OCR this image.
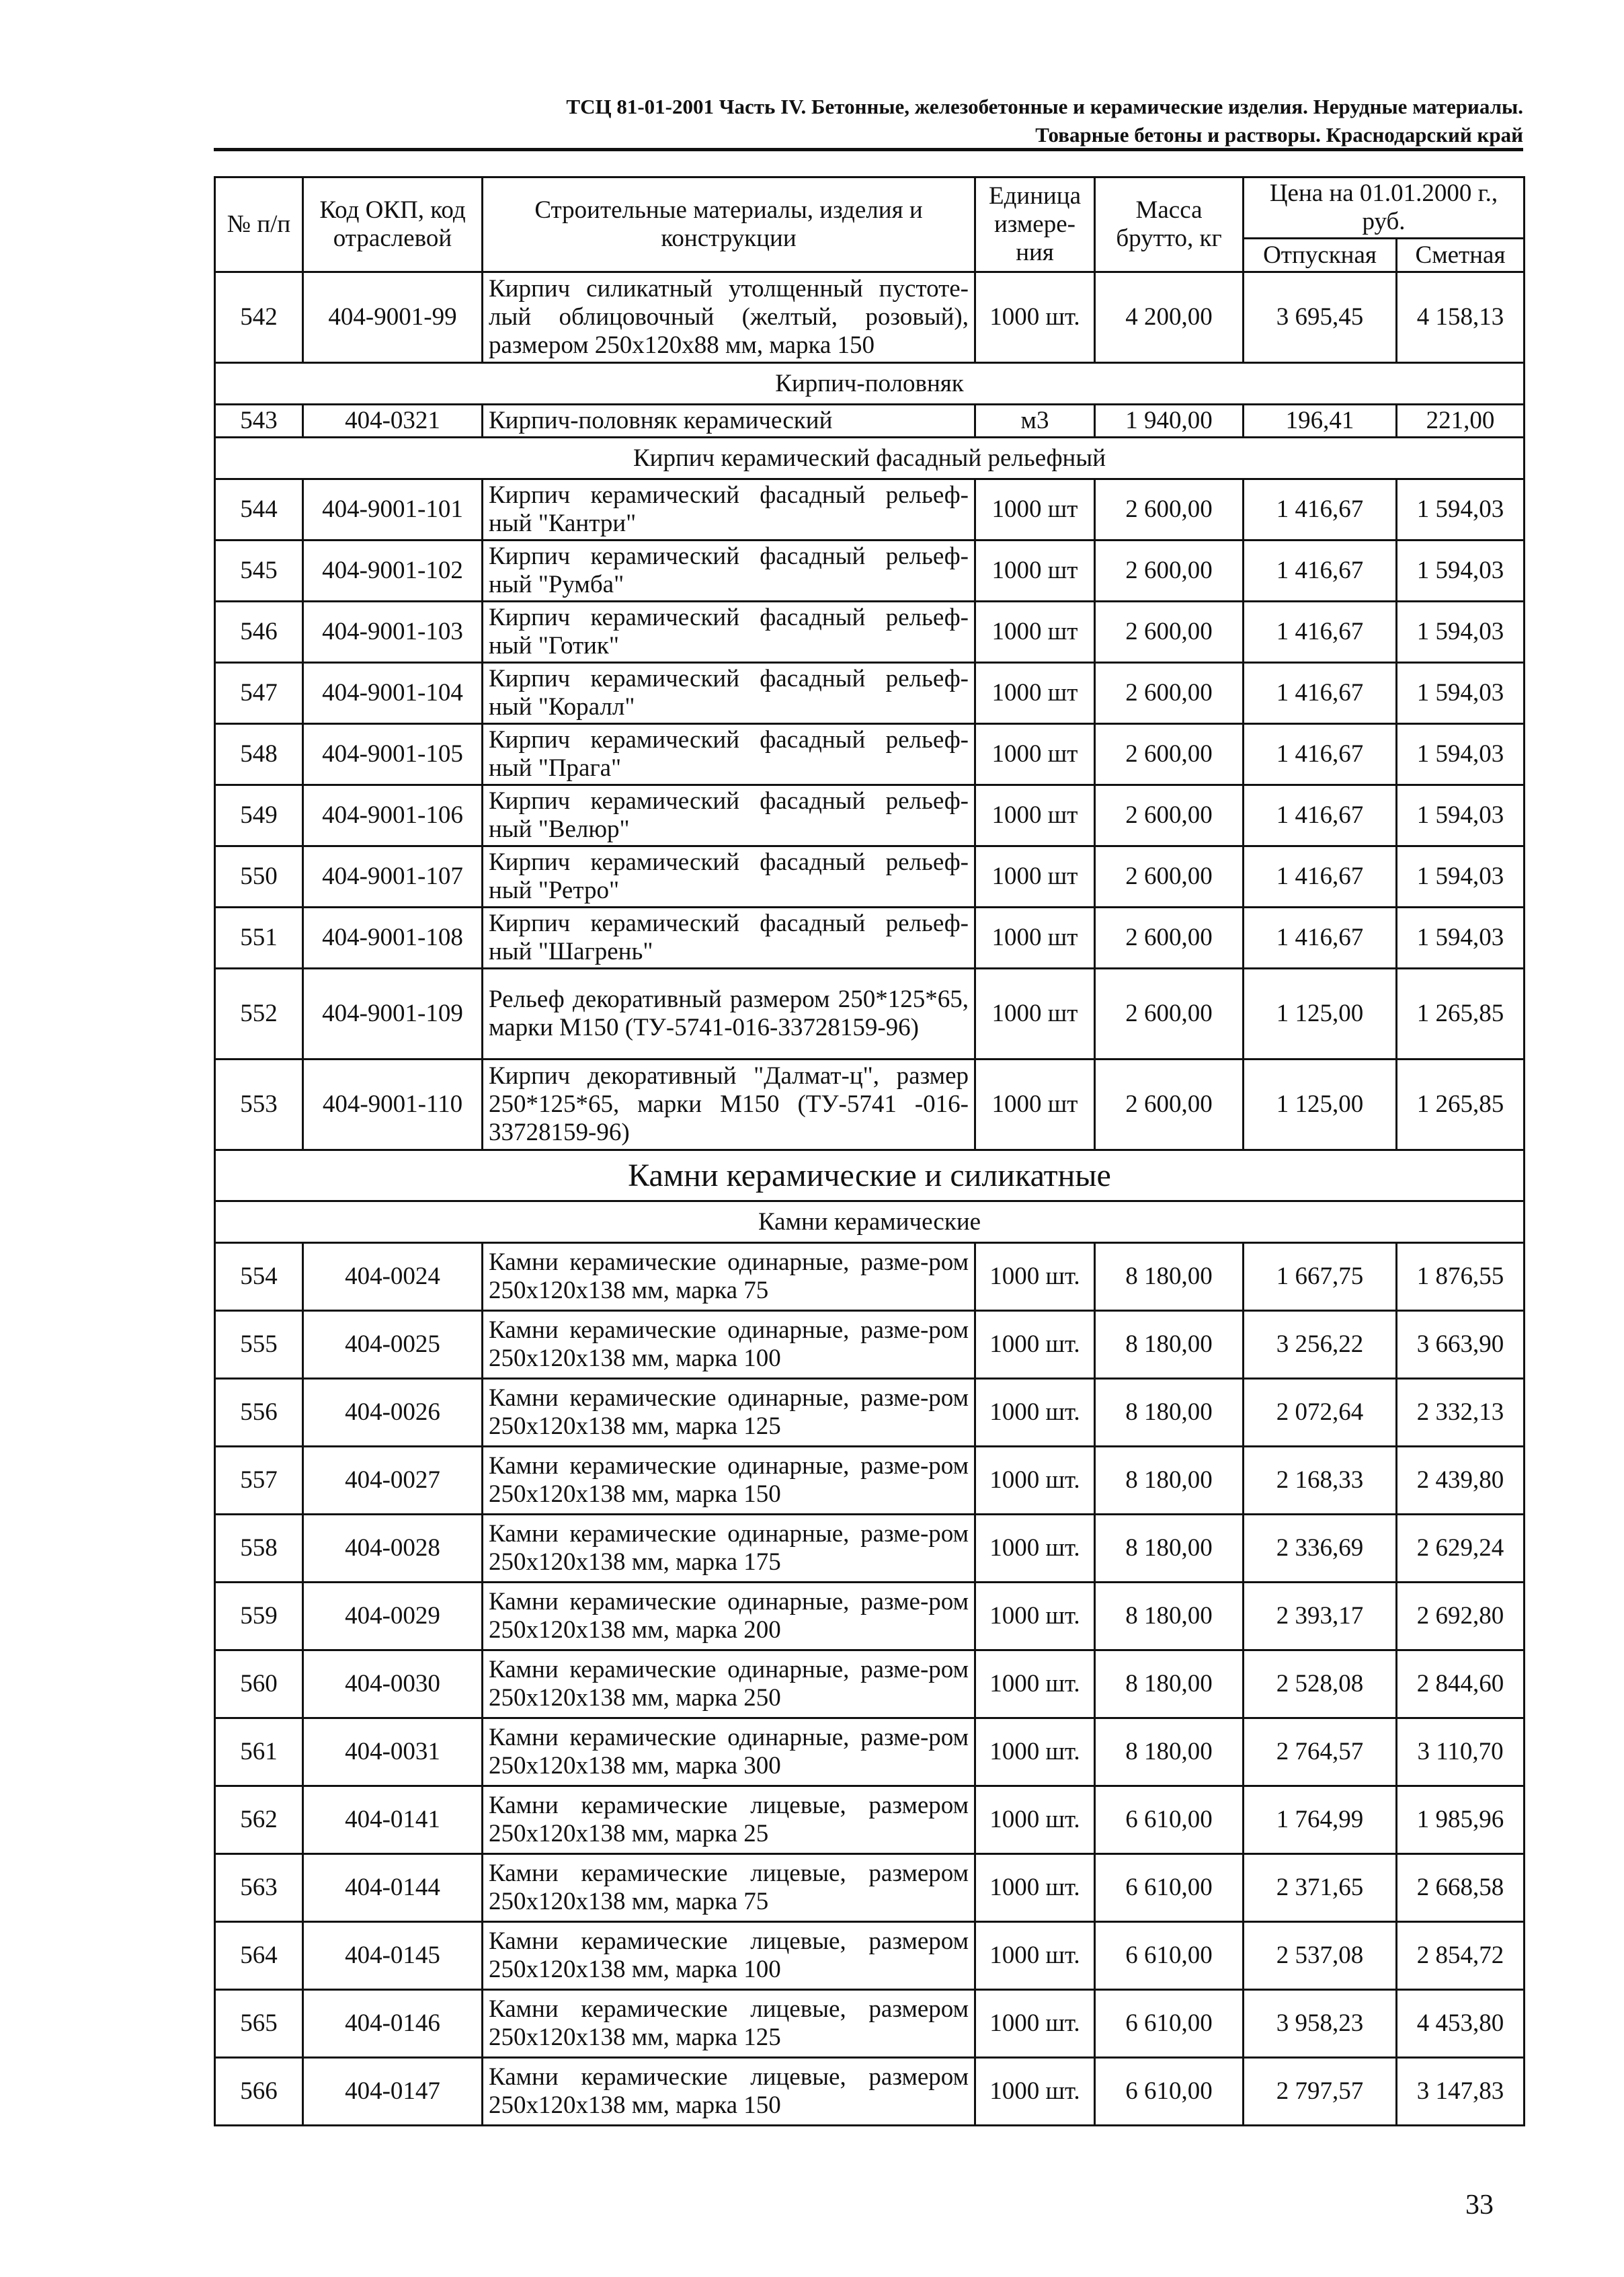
ТСЦ 81-01-2001 Часть IV. Бетонные, железобетонные и керамические изделия. Нерудные материалы.
Товарные бетоны и растворы. Краснодарский край
№ п/п	Код ОКП, код отраслевой	Строительные материалы, изделия и конструкции	Единица измере- ния	Масса брутто, кг	Цена на 01.01.2000 г., руб.	
					Отпускная	Сметная
542	404-9001-99	Кирпич силикатный утолщенный пустоте-лый облицовочный (желтый, розовый), размером 250х120х88 мм, марка 150	1000 шт.	4 200,00	3 695,45	4 158,13
Кирпич-половняк						
543	404-0321	Кирпич-половняк керамический	м3	1 940,00	196,41	221,00
Кирпич керамический фасадный рельефный						
544	404-9001-101	Кирпич керамический фасадный рельеф-ный "Кантри"	1000 шт	2 600,00	1 416,67	1 594,03
545	404-9001-102	Кирпич керамический фасадный рельеф-ный "Румба"	1000 шт	2 600,00	1 416,67	1 594,03
546	404-9001-103	Кирпич керамический фасадный рельеф-ный "Готик"	1000 шт	2 600,00	1 416,67	1 594,03
547	404-9001-104	Кирпич керамический фасадный рельеф-ный "Коралл"	1000 шт	2 600,00	1 416,67	1 594,03
548	404-9001-105	Кирпич керамический фасадный рельеф-ный "Прага"	1000 шт	2 600,00	1 416,67	1 594,03
549	404-9001-106	Кирпич керамический фасадный рельеф-ный "Велюр"	1000 шт	2 600,00	1 416,67	1 594,03
550	404-9001-107	Кирпич керамический фасадный рельеф-ный "Ретро"	1000 шт	2 600,00	1 416,67	1 594,03
551	404-9001-108	Кирпич керамический фасадный рельеф-ный "Шагрень"	1000 шт	2 600,00	1 416,67	1 594,03
552	404-9001-109	Рельеф декоративный размером 250*125*65, марки М150 (ТУ-5741-016-33728159-96)	1000 шт	2 600,00	1 125,00	1 265,85
553	404-9001-110	Кирпич декоративный "Далмат-ц", размер 250*125*65, марки М150 (ТУ-5741 -016-33728159-96)	1000 шт	2 600,00	1 125,00	1 265,85
Камни керамические и силикатные						
Камни керамические						
554	404-0024	Камни керамические одинарные, разме-ром 250х120х138 мм, марка 75	1000 шт.	8 180,00	1 667,75	1 876,55
555	404-0025	Камни керамические одинарные, разме-ром 250х120х138 мм, марка 100	1000 шт.	8 180,00	3 256,22	3 663,90
556	404-0026	Камни керамические одинарные, разме-ром 250х120х138 мм, марка 125	1000 шт.	8 180,00	2 072,64	2 332,13
557	404-0027	Камни керамические одинарные, разме-ром 250х120х138 мм, марка 150	1000 шт.	8 180,00	2 168,33	2 439,80
558	404-0028	Камни керамические одинарные, разме-ром 250х120х138 мм, марка 175	1000 шт.	8 180,00	2 336,69	2 629,24
559	404-0029	Камни керамические одинарные, разме-ром 250х120х138 мм, марка 200	1000 шт.	8 180,00	2 393,17	2 692,80
560	404-0030	Камни керамические одинарные, разме-ром 250х120х138 мм, марка 250	1000 шт.	8 180,00	2 528,08	2 844,60
561	404-0031	Камни керамические одинарные, разме-ром 250х120х138 мм, марка 300	1000 шт.	8 180,00	2 764,57	3 110,70
562	404-0141	Камни керамические лицевые, размером 250х120х138 мм, марка 25	1000 шт.	6 610,00	1 764,99	1 985,96
563	404-0144	Камни керамические лицевые, размером 250х120х138 мм, марка 75	1000 шт.	6 610,00	2 371,65	2 668,58
564	404-0145	Камни керамические лицевые, размером 250х120х138 мм, марка 100	1000 шт.	6 610,00	2 537,08	2 854,72
565	404-0146	Камни керамические лицевые, размером 250х120х138 мм, марка 125	1000 шт.	6 610,00	3 958,23	4 453,80
566	404-0147	Камни керамические лицевые, размером 250х120х138 мм, марка 150	1000 шт.	6 610,00	2 797,57	3 147,83
33
